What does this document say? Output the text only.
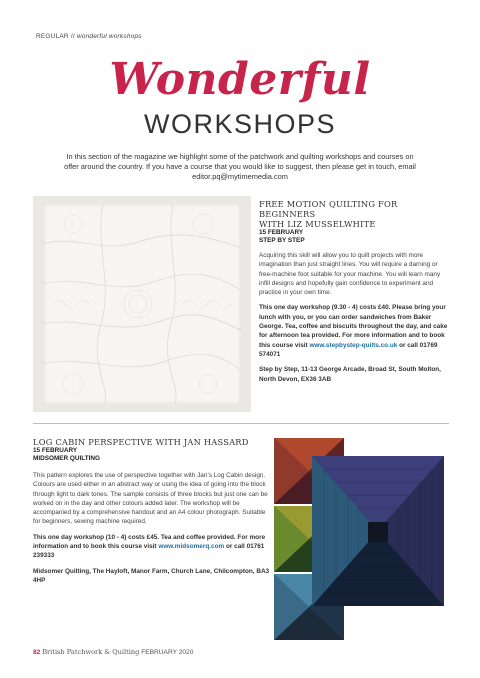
REGULAR // wonderful workshops
Wonderful
WORKSHOPS
In this section of the magazine we highlight some of the patchwork and quilting workshops and courses on offer around the country. If you have a course that you would like to suggest, then please get in touch, email editor.pq@mytimemedia.com
FREE MOTION QUILTING FOR BEGINNERS
WITH LIZ MUSSELWHITE
15 FEBRUARY
STEP BY STEP
Acquiring this skill will allow you to quilt projects with more imagination than just straight lines. You will require a darning or free-machine foot suitable for your machine. You will learn many infill designs and hopefully gain confidence to experiment and practice in your own time.
This one day workshop (9.30 - 4) costs £40. Please bring your lunch with you, or you can order sandwiches from Baker George. Tea, coffee and biscuits throughout the day, and cake for afternoon tea provided. For more information and to book this course visit www.stepbystep-quilts.co.uk or call 01769 574071
Step by Step, 11-13 George Arcade, Broad St, South Molton, North Devon, EX36 3AB
LOG CABIN PERSPECTIVE WITH JAN HASSARD
15 FEBRUARY
MIDSOMER QUILTING
This pattern explores the use of perspective together with Jan’s Log Cabin design. Colours are used either in an abstract way or using the idea of going into the block through light to dark tones. The sample consists of three blocks but just one can be worked on in the day and other colours added later. The workshop will be accompanied by a comprehensive handout and an A4 colour photograph. Suitable for beginners, sewing machine required.
This one day workshop (10 - 4) costs £45. Tea and coffee provided. For more information and to book this course visit www.midsomerq.com or call 01761 239333
Midsomer Quilting, The Hayloft, Manor Farm, Church Lane, Chilcompton, BA3 4HP
82 British Patchwork & Quilting FEBRUARY 2020
